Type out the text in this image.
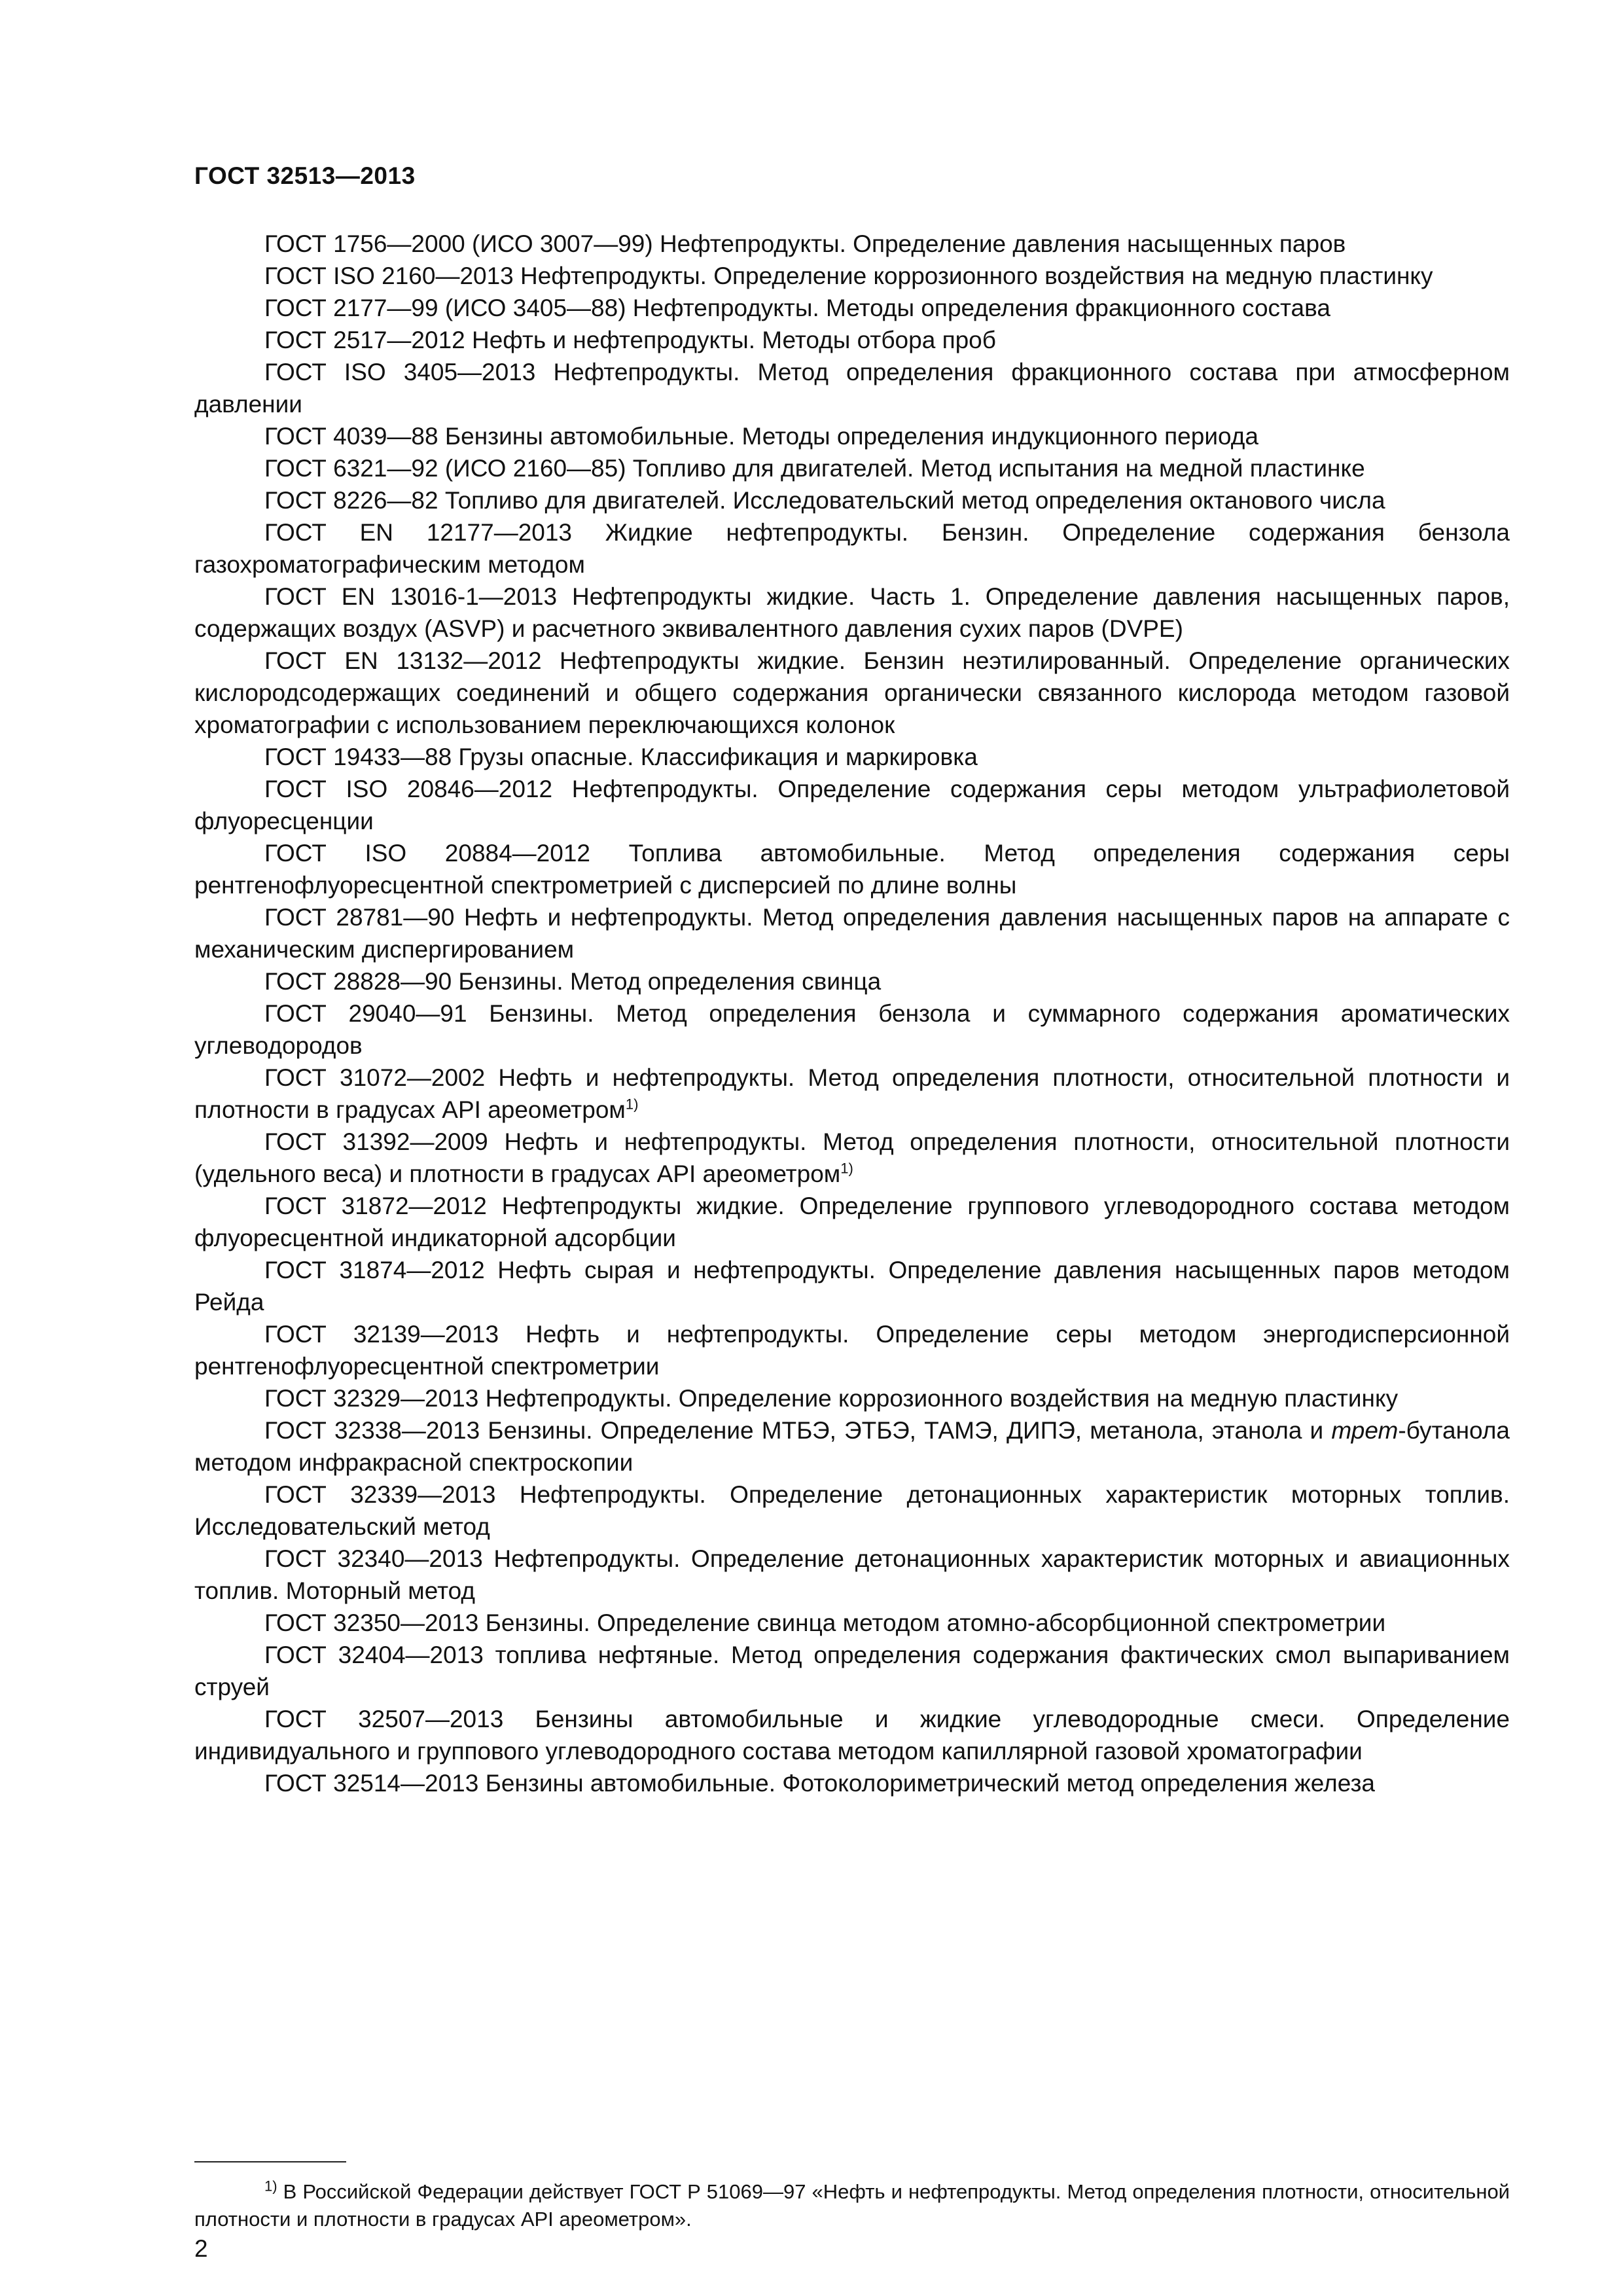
ГОСТ 32513—2013

ГОСТ 1756—2000 (ИСО 3007—99) Нефтепродукты. Определение давления насыщенных паров

ГОСТ ISO 2160—2013 Нефтепродукты. Определение коррозионного воздействия на медную пластинку

ГОСТ 2177—99 (ИСО 3405—88) Нефтепродукты. Методы определения фракционного состава

ГОСТ 2517—2012 Нефть и нефтепродукты. Методы отбора проб

ГОСТ ISO 3405—2013 Нефтепродукты. Метод определения фракционного состава при атмосферном давлении

ГОСТ 4039—88 Бензины автомобильные. Методы определения индукционного периода

ГОСТ 6321—92 (ИСО 2160—85) Топливо для двигателей. Метод испытания на медной пластинке

ГОСТ 8226—82 Топливо для двигателей. Исследовательский метод определения октанового числа

ГОСТ EN 12177—2013 Жидкие нефтепродукты. Бензин. Определение содержания бензола газохроматографическим методом

ГОСТ EN 13016-1—2013 Нефтепродукты жидкие. Часть 1. Определение давления насыщенных паров, содержащих воздух (ASVP) и расчетного эквивалентного давления сухих паров (DVPE)

ГОСТ EN 13132—2012 Нефтепродукты жидкие. Бензин неэтилированный. Определение органических кислородсодержащих соединений и общего содержания органически связанного кислорода методом газовой хроматографии с использованием переключающихся колонок

ГОСТ 19433—88 Грузы опасные. Классификация и маркировка

ГОСТ ISO 20846—2012 Нефтепродукты. Определение содержания серы методом ультрафиолетовой флуоресценции

ГОСТ ISO 20884—2012 Топлива автомобильные. Метод определения содержания серы рентгенофлуоресцентной спектрометрией с дисперсией по длине волны

ГОСТ 28781—90 Нефть и нефтепродукты. Метод определения давления насыщенных паров на аппарате с механическим диспергированием

ГОСТ 28828—90 Бензины. Метод определения свинца

ГОСТ 29040—91 Бензины. Метод определения бензола и суммарного содержания ароматических углеводородов

ГОСТ 31072—2002 Нефть и нефтепродукты. Метод определения плотности, относительной плотности и плотности в градусах API ареометром$^{1)}$

ГОСТ 31392—2009 Нефть и нефтепродукты. Метод определения плотности, относительной плотности (удельного веса) и плотности в градусах API ареометром$^{1)}$

ГОСТ 31872—2012 Нефтепродукты жидкие. Определение группового углеводородного состава методом флуоресцентной индикаторной адсорбции

ГОСТ 31874—2012 Нефть сырая и нефтепродукты. Определение давления насыщенных паров методом Рейда

ГОСТ 32139—2013 Нефть и нефтепродукты. Определение серы методом энергодисперсионной рентгенофлуоресцентной спектрометрии

ГОСТ 32329—2013 Нефтепродукты. Определение коррозионного воздействия на медную пластинку

ГОСТ 32338—2013 Бензины. Определение МТБЭ, ЭТБЭ, ТАМЭ, ДИПЭ, метанола, этанола и трет-бутанола методом инфракрасной спектроскопии

ГОСТ 32339—2013 Нефтепродукты. Определение детонационных характеристик моторных топлив. Исследовательский метод

ГОСТ 32340—2013 Нефтепродукты. Определение детонационных характеристик моторных и авиационных топлив. Моторный метод

ГОСТ 32350—2013 Бензины. Определение свинца методом атомно-абсорбционной спектрометрии

ГОСТ 32404—2013 топлива нефтяные. Метод определения содержания фактических смол выпариванием струей

ГОСТ 32507—2013 Бензины автомобильные и жидкие углеводородные смеси. Определение индивидуального и группового углеводородного состава методом капиллярной газовой хроматографии

ГОСТ 32514—2013 Бензины автомобильные. Фотоколориметрический метод определения железа

$^{1)}$ В Российской Федерации действует ГОСТ Р 51069—97 «Нефть и нефтепродукты. Метод определения плотности, относительной плотности и плотности в градусах API ареометром».
2
